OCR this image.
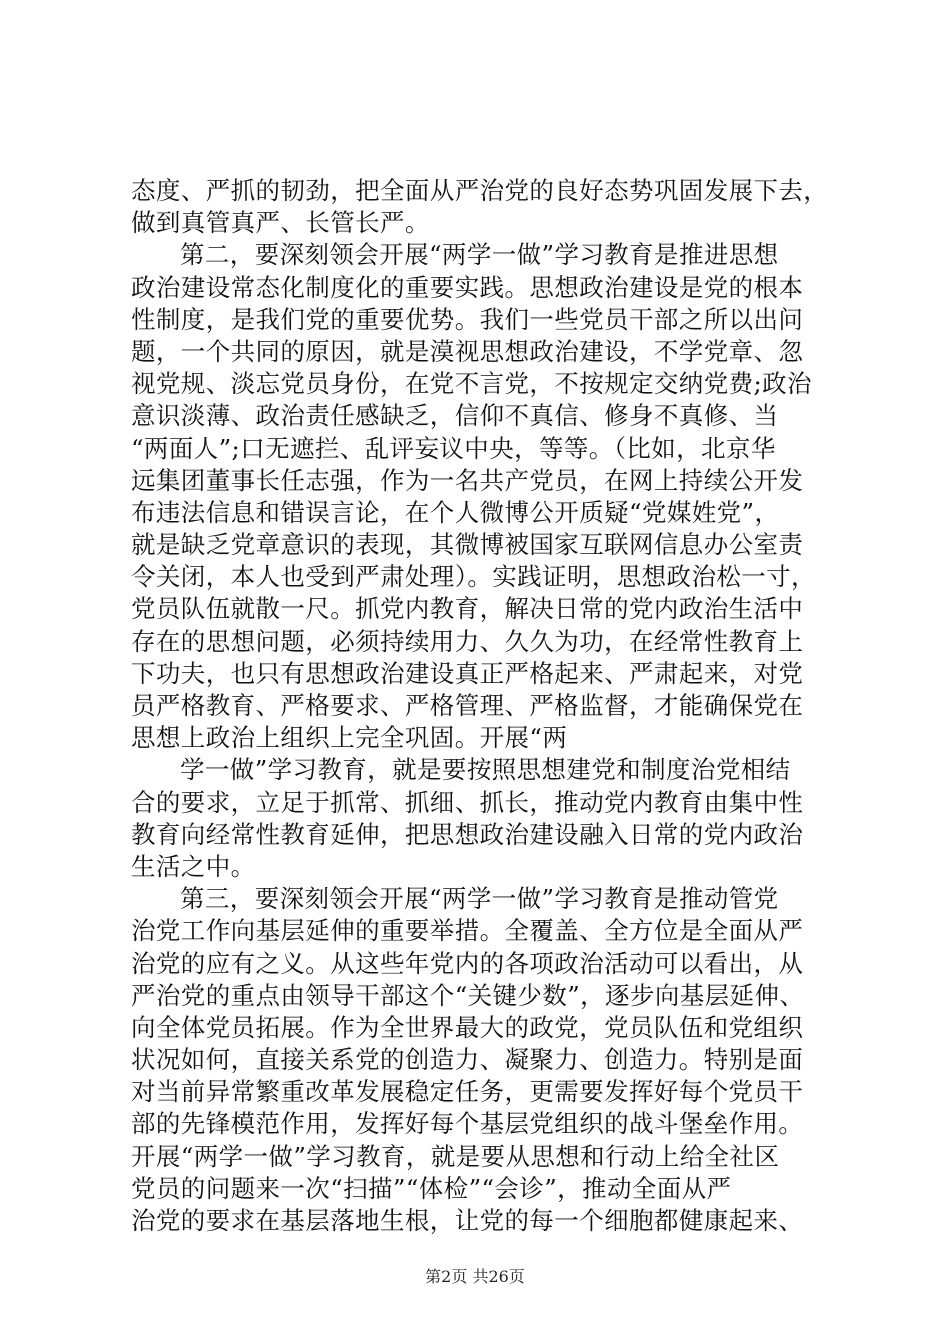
态度、严抓的韧劲，把全面从严治党的良好态势巩固发展下去，
做到真管真严、长管长严。
第二，要深刻领会开展“两学一做”学习教育是推进思想
政治建设常态化制度化的重要实践。思想政治建设是党的根本
性制度，是我们党的重要优势。我们一些党员干部之所以出问
题，一个共同的原因，就是漠视思想政治建设，不学党章、忽
视党规、淡忘党员身份，在党不言党，不按规定交纳党费;政治
意识淡薄、政治责任感缺乏，信仰不真信、修身不真修、当
“两面人”;口无遮拦、乱评妄议中央，等等。（比如，北京华
远集团董事长任志强，作为一名共产党员，在网上持续公开发
布违法信息和错误言论，在个人微博公开质疑“党媒姓党”，
就是缺乏党章意识的表现，其微博被国家互联网信息办公室责
令关闭，本人也受到严肃处理）。实践证明，思想政治松一寸，
党员队伍就散一尺。抓党内教育，解决日常的党内政治生活中
存在的思想问题，必须持续用力、久久为功，在经常性教育上
下功夫，也只有思想政治建设真正严格起来、严肃起来，对党
员严格教育、严格要求、严格管理、严格监督，才能确保党在
思想上政治上组织上完全巩固。开展“两
学一做”学习教育，就是要按照思想建党和制度治党相结
合的要求，立足于抓常、抓细、抓长，推动党内教育由集中性
教育向经常性教育延伸，把思想政治建设融入日常的党内政治
生活之中。
第三，要深刻领会开展“两学一做”学习教育是推动管党
治党工作向基层延伸的重要举措。全覆盖、全方位是全面从严
治党的应有之义。从这些年党内的各项政治活动可以看出，从
严治党的重点由领导干部这个“关键少数”，逐步向基层延伸、
向全体党员拓展。作为全世界最大的政党，党员队伍和党组织
状况如何，直接关系党的创造力、凝聚力、创造力。特别是面
对当前异常繁重改革发展稳定任务，更需要发挥好每个党员干
部的先锋模范作用，发挥好每个基层党组织的战斗堡垒作用。
开展“两学一做”学习教育，就是要从思想和行动上给全社区
党员的问题来一次“扫描”“体检”“会诊”，推动全面从严
治党的要求在基层落地生根，让党的每一个细胞都健康起来、
第2页 共26页
